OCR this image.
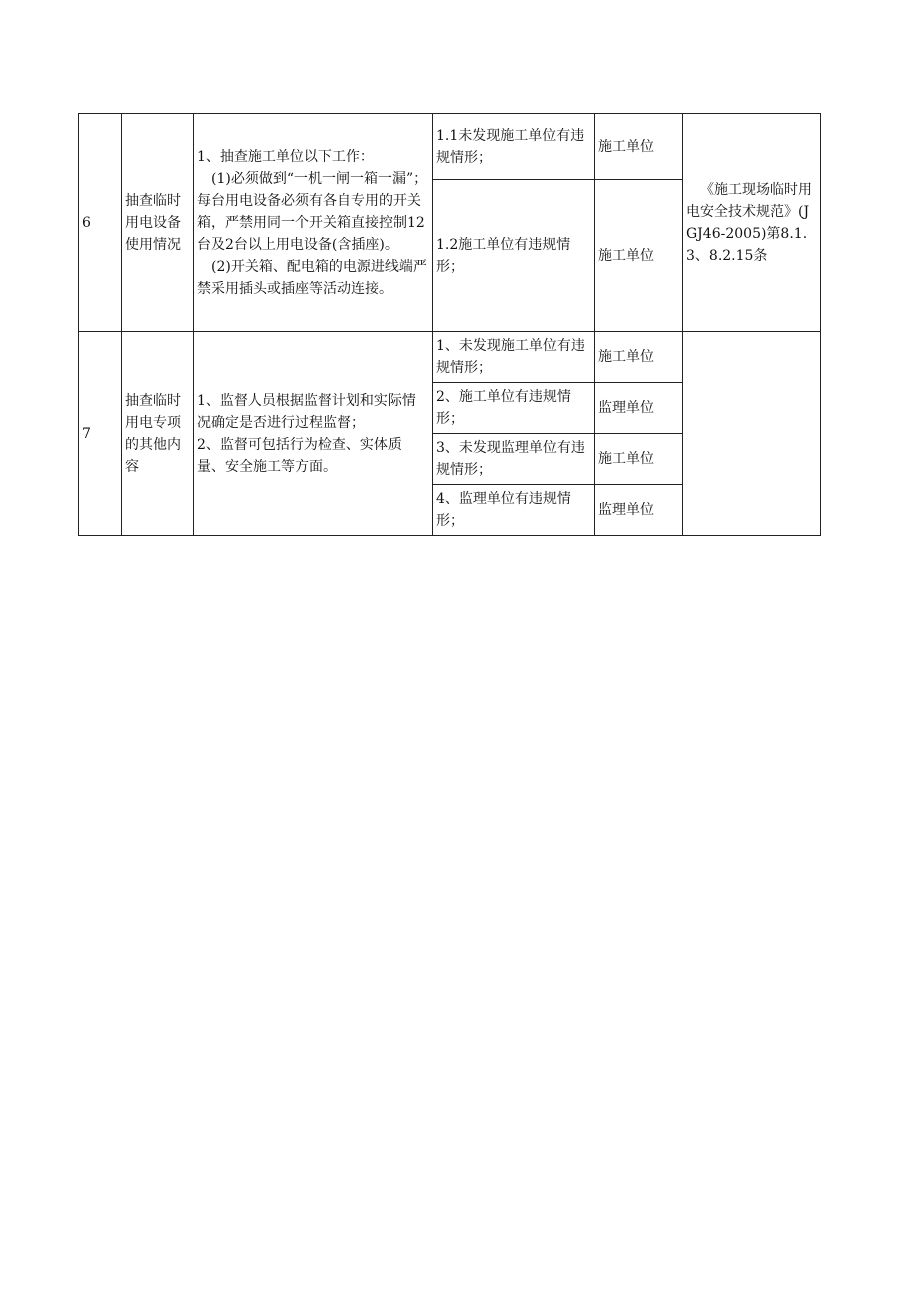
6	抽查临时用电设备使用情况	1、抽查施工单位以下工作：

(1)必须做到“一机一闸一箱一漏”；每台用电设备必须有各自专用的开关箱，严禁用同一个开关箱直接控制12台及2台以上用电设备(含插座)。

(2)开关箱、配电箱的电源进线端严禁采用插头或插座等活动连接。	1.1未发现施工单位有违规情形；	施工单位	《施工现场临时用电安全技术规范》(JGJ46-2005)第8.1.3、8.2.15条

			1.2施工单位有违规情形；	施工单位	
7	抽查临时用电专项的其他内容	1、监督人员根据监督计划和实际情况确定是否进行过程监督；

2、监督可包括行为检查、实体质量、安全施工等方面。	1、未发现施工单位有违规情形；	施工单位	
			2、施工单位有违规情形；	监理单位	
			3、未发现监理单位有违规情形；	施工单位	
			4、监理单位有违规情形；	监理单位	
